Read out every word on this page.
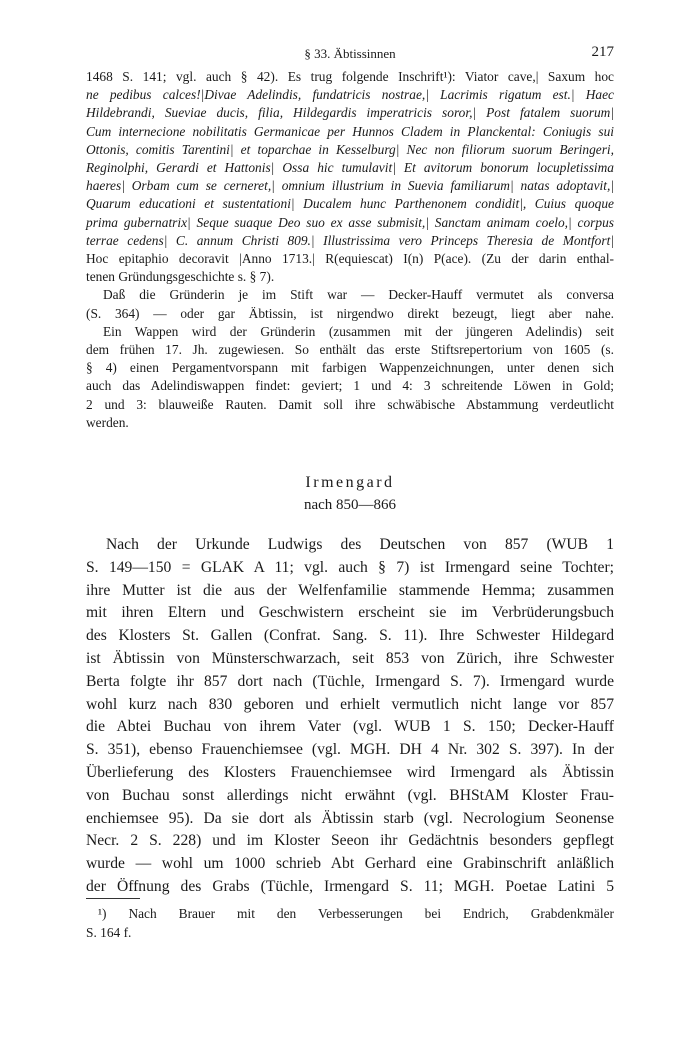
§ 33. Äbtissinnen	217
1468 S. 141; vgl. auch § 42). Es trug folgende Inschrift¹): Viator cave,| Saxum hoc
ne pedibus calces!|Divae Adelindis, fundatricis nostrae,| Lacrimis rigatum est.| Haec
Hildebrandi, Sueviae ducis, filia, Hildegardis imperatricis soror,| Post fatalem suorum|
Cum internecione nobilitatis Germanicae per Hunnos Cladem in Planckental: Coniugis sui
Ottonis, comitis Tarentini| et toparchae in Kesselburg| Nec non filiorum suorum Beringeri,
Reginolphi, Gerardi et Hattonis| Ossa hic tumulavit| Et avitorum bonorum locupletissima
haeres| Orbam cum se cerneret,| omnium illustrium in Suevia familiarum| natas adoptavit,|
Quarum educationi et sustentationi| Ducalem hunc Parthenonem condidit|, Cuius quoque
prima gubernatrix| Seque suaque Deo suo ex asse submisit,| Sanctam animam coelo,| corpus
terrae cedens| C. annum Christi 809.| Illustrissima vero Princeps Theresia de Montfort|
Hoc epitaphio decoravit |Anno 1713.| R(equiescat) I(n) P(ace). (Zu der darin enthal-
tenen Gründungsgeschichte s. § 7).
Daß die Gründerin je im Stift war — Decker-Hauff vermutet als conversa
(S. 364) — oder gar Äbtissin, ist nirgendwo direkt bezeugt, liegt aber nahe.
Ein Wappen wird der Gründerin (zusammen mit der jüngeren Adelindis) seit
dem frühen 17. Jh. zugewiesen. So enthält das erste Stiftsrepertorium von 1605 (s.
§ 4) einen Pergamentvorspann mit farbigen Wappenzeichnungen, unter denen sich
auch das Adelindiswappen findet: geviert; 1 und 4: 3 schreitende Löwen in Gold;
2 und 3: blauweiße Rauten. Damit soll ihre schwäbische Abstammung verdeutlicht
werden.
Irmengard
nach 850—866
Nach der Urkunde Ludwigs des Deutschen von 857 (WUB 1
S. 149—150 = GLAK A 11; vgl. auch § 7) ist Irmengard seine Tochter;
ihre Mutter ist die aus der Welfenfamilie stammende Hemma; zusammen
mit ihren Eltern und Geschwistern erscheint sie im Verbrüderungsbuch
des Klosters St. Gallen (Confrat. Sang. S. 11). Ihre Schwester Hildegard
ist Äbtissin von Münsterschwarzach, seit 853 von Zürich, ihre Schwester
Berta folgte ihr 857 dort nach (Tüchle, Irmengard S. 7). Irmengard wurde
wohl kurz nach 830 geboren und erhielt vermutlich nicht lange vor 857
die Abtei Buchau von ihrem Vater (vgl. WUB 1 S. 150; Decker-Hauff
S. 351), ebenso Frauenchiemsee (vgl. MGH. DH 4 Nr. 302 S. 397). In der
Überlieferung des Klosters Frauenchiemsee wird Irmengard als Äbtissin
von Buchau sonst allerdings nicht erwähnt (vgl. BHStAM Kloster Frau-
enchiemsee 95). Da sie dort als Äbtissin starb (vgl. Necrologium Seonense
Necr. 2 S. 228) und im Kloster Seeon ihr Gedächtnis besonders gepflegt
wurde — wohl um 1000 schrieb Abt Gerhard eine Grabinschrift anläßlich
der Öffnung des Grabs (Tüchle, Irmengard S. 11; MGH. Poetae Latini 5
¹) Nach Brauer mit den Verbesserungen bei Endrich, Grabdenkmäler
S. 164 f.
